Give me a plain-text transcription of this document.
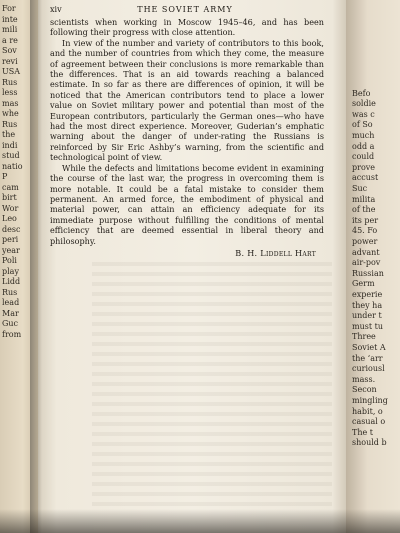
For
inte
mili
a re
Sov
revi
USA
Rus
less
mas
whe
Rus
the
indi
stud
natio
P
cam
birt
Wor
Leo
desc
peri
year
Poli
play
Lidd
Rus
lead
Mar
Guc
from
xiv	THE SOVIET ARMY

scientists when working in Moscow 1945–46, and has been following their progress with close attention.

In view of the number and variety of contributors to this book, and the number of countries from which they come, the measure of agreement between their conclusions is more remarkable than the differences. That is an aid towards reaching a balanced estimate. In so far as there are differences of opinion, it will be noticed that the American contributors tend to place a lower value on Soviet military power and potential than most of the European contributors, particularly the German ones—who have had the most direct experience. Moreover, Guderian’s emphatic warning about the danger of under-rating the Russians is reinforced by Sir Eric Ashby’s warning, from the scientific and technological point of view.

While the defects and limitations become evident in examining the course of the last war, the progress in overcoming them is more notable. It could be a fatal mistake to consider them permanent. An armed force, the embodiment of physical and material power, can attain an efficiency adequate for its immediate purpose without fulfilling the conditions of mental efficiency that are deemed essential in liberal theory and philosophy.

B. H. Liddell Hart

Befo
soldie
was c
of So
much
odd a
could
prove
accust
Suc
milita
of the
its per
45. Fo
power
advant
air-pov
Russian
Germ
experie
they ha
under t
must tu
Three
Soviet A
the ‘arr
curiousl
mass.
Secon
mingling
habit, o
casual o
The t
should b
